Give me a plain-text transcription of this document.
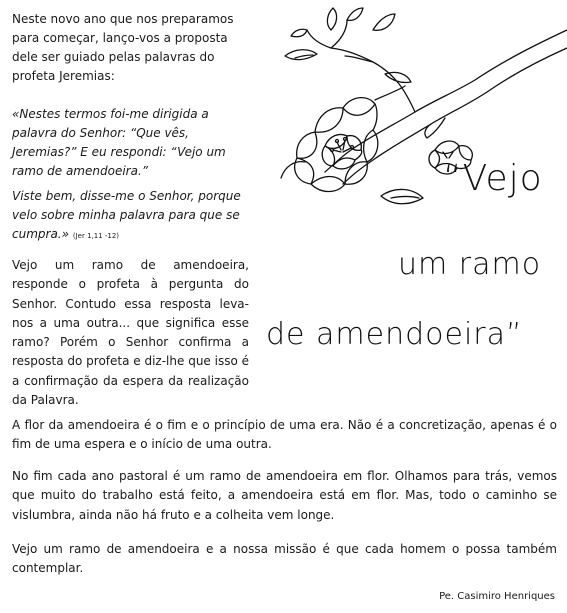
Neste novo ano que nos preparamos para começar, lanço-vos a proposta dele ser guiado pelas palavras do profeta Jeremias:

«Nestes termos foi-me dirigida a palavra do Senhor: “Que vês, Jeremias?” E eu respondi: “Vejo um ramo de amendoeira.”

Viste bem, disse-me o Senhor, porque velo sobre minha palavra para que se cumpra.» (Jer 1,11 -12)

“Vejo

um ramo

de amendoeira”

Vejo um ramo de amendoeira, responde o profeta à pergunta do Senhor. Contudo essa resposta leva-nos a uma outra... que significa esse ramo? Porém o Senhor confirma a resposta do profeta e diz-lhe que isso é a confirmação da espera da realização da Palavra.

A flor da amendoeira é o fim e o princípio de uma era. Não é a concretização, apenas é o fim de uma espera e o início de uma outra.

No fim cada ano pastoral é um ramo de amendoeira em flor. Olhamos para trás, vemos que muito do trabalho está feito, a amendoeira está em flor. Mas, todo o caminho se vislumbra, ainda não há fruto e a colheita vem longe.

Vejo um ramo de amendoeira e a nossa missão é que cada homem o possa também contemplar.

Pe. Casimiro Henriques
